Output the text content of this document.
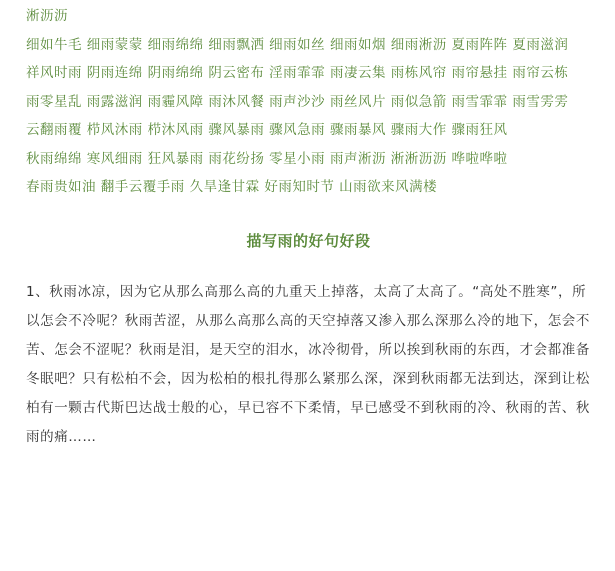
淅沥沥

细如牛毛 细雨蒙蒙 细雨绵绵 细雨飘洒 细雨如丝 细雨如烟 细雨淅沥 夏雨阵阵 夏雨滋润

祥风时雨 阴雨连绵 阴雨绵绵 阴云密布 淫雨霏霏 雨凄云集 雨栋风帘 雨帘悬挂 雨帘云栋

雨零星乱 雨露滋润 雨霾风障 雨沐风餐 雨声沙沙 雨丝风片 雨似急箭 雨雪霏霏 雨雪雱雱

云翻雨覆 栉风沐雨 栉沐风雨 骤风暴雨 骤风急雨 骤雨暴风 骤雨大作 骤雨狂风

秋雨绵绵 寒风细雨 狂风暴雨 雨花纷扬 零星小雨 雨声淅沥 淅淅沥沥 哗啦哗啦

春雨贵如油 翻手云覆手雨 久旱逢甘霖 好雨知时节 山雨欲来风满楼

描写雨的好句好段

1、秋雨冰凉，因为它从那么高那么高的九重天上掉落，太高了太高了。“高处不胜寒”，所以怎会不冷呢？秋雨苦涩，从那么高那么高的天空掉落又渗入那么深那么冷的地下，怎会不苦、怎会不涩呢？秋雨是泪，是天空的泪水，冰冷彻骨，所以挨到秋雨的东西，才会都准备冬眠吧？只有松柏不会，因为松柏的根扎得那么紧那么深，深到秋雨都无法到达，深到让松柏有一颗古代斯巴达战士般的心，早已容不下柔情，早已感受不到秋雨的冷、秋雨的苦、秋雨的痛……
